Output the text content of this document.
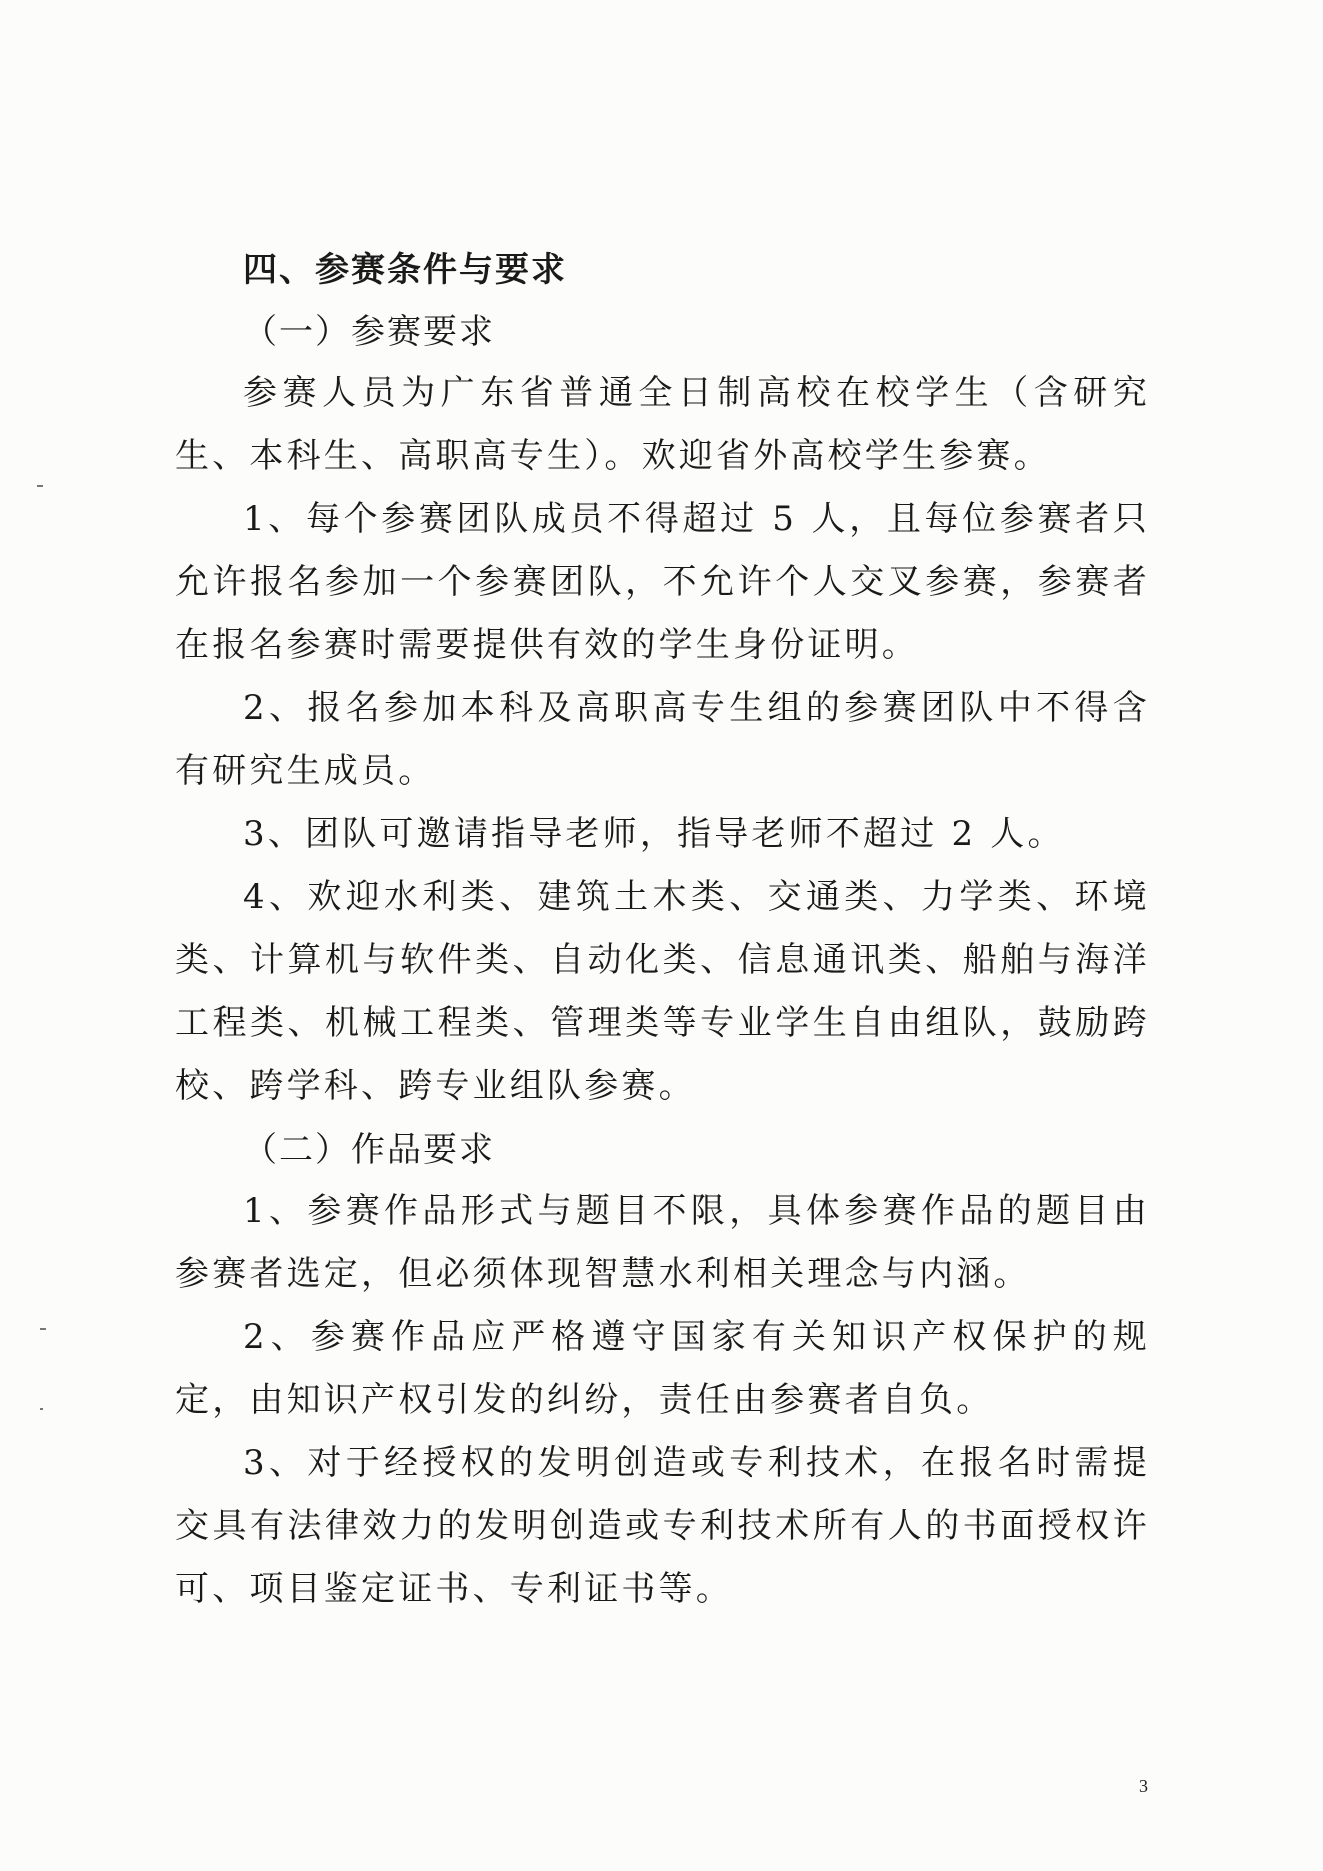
四、参赛条件与要求
（一）参赛要求

参赛人员为广东省普通全日制高校在校学生（含研究生、本科生、高职高专生）。欢迎省外高校学生参赛。

1、每个参赛团队成员不得超过 5 人，且每位参赛者只允许报名参加一个参赛团队，不允许个人交叉参赛，参赛者在报名参赛时需要提供有效的学生身份证明。

2、报名参加本科及高职高专生组的参赛团队中不得含有研究生成员。

3、团队可邀请指导老师，指导老师不超过 2 人。

4、欢迎水利类、建筑土木类、交通类、力学类、环境类、计算机与软件类、自动化类、信息通讯类、船舶与海洋工程类、机械工程类、管理类等专业学生自由组队，鼓励跨校、跨学科、跨专业组队参赛。

（二）作品要求

1、参赛作品形式与题目不限，具体参赛作品的题目由参赛者选定，但必须体现智慧水利相关理念与内涵。

2、参赛作品应严格遵守国家有关知识产权保护的规定，由知识产权引发的纠纷，责任由参赛者自负。

3、对于经授权的发明创造或专利技术，在报名时需提交具有法律效力的发明创造或专利技术所有人的书面授权许可、项目鉴定证书、专利证书等。

3
